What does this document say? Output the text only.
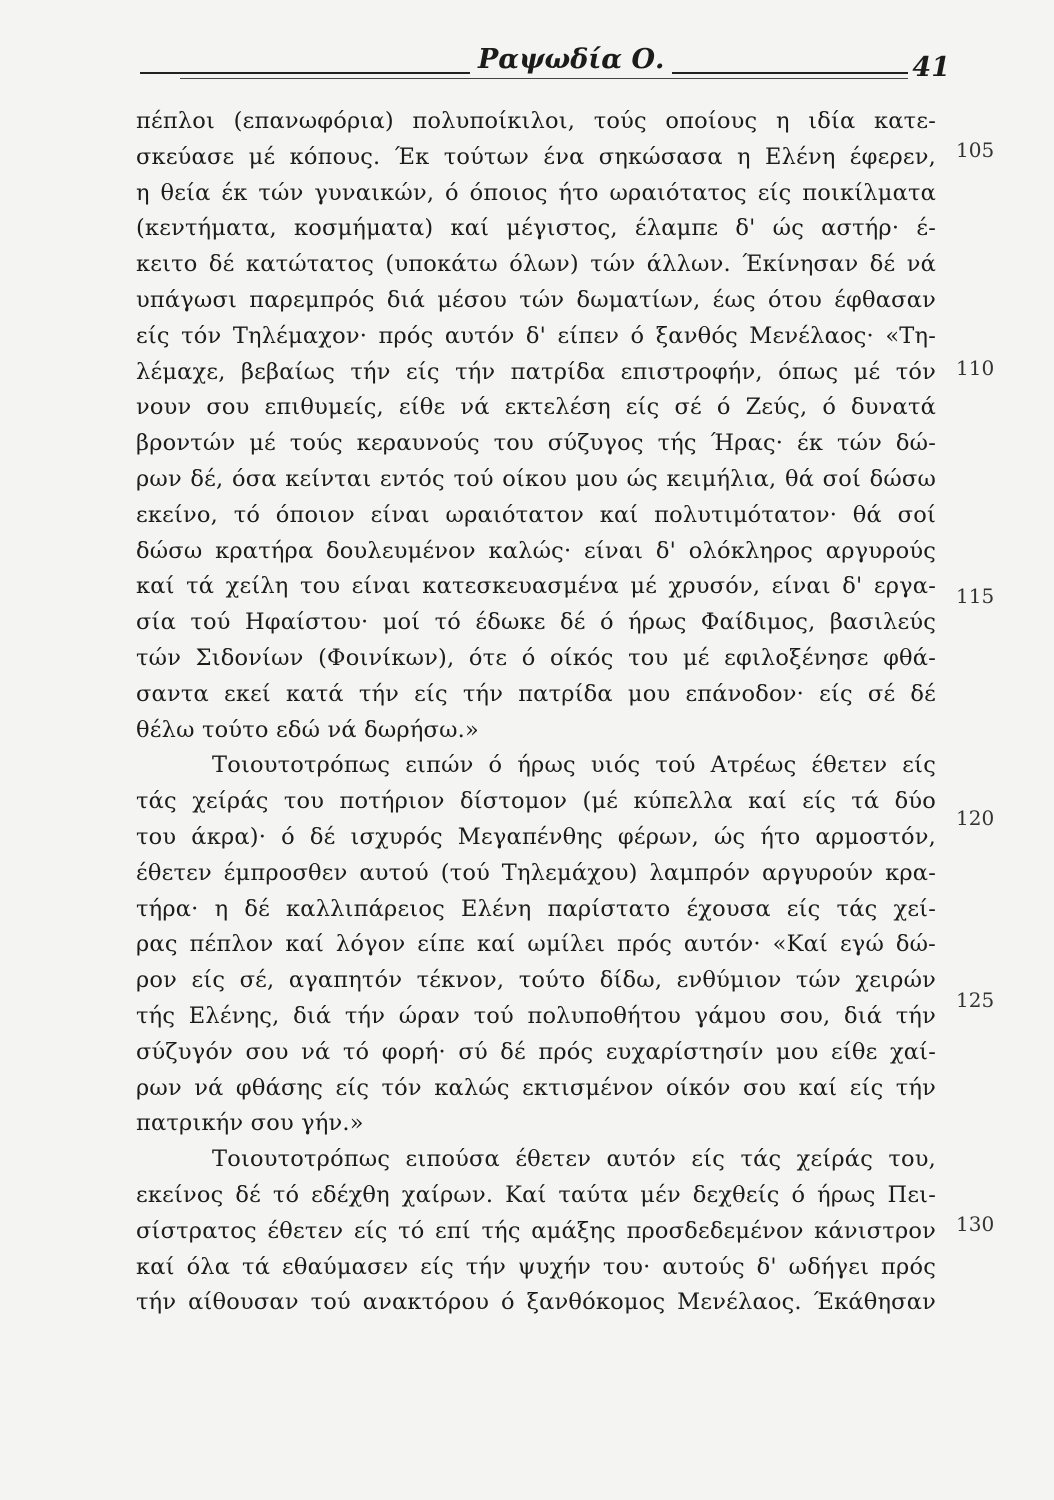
Ραψωδία Ο.	41
πέπλοι (επανωφόρια) πολυποίκιλοι, τούς οποίους η ιδία κατε-
σκεύασε μέ κόπους. Έκ τούτων ένα σηκώσασα η Ελένη έφερεν,
η θεία έκ τών γυναικών, ό όποιος ήτο ωραιότατος είς ποικίλματα
(κεντήματα, κοσμήματα) καί μέγιστος, έλαμπε δ' ώς αστήρ· έ-
κειτο δέ κατώτατος (υποκάτω όλων) τών άλλων. Έκίνησαν δέ νά
υπάγωσι παρεμπρός διά μέσου τών δωματίων, έως ότου έφθασαν
είς τόν Τηλέμαχον· πρός αυτόν δ' είπεν ό ξανθός Μενέλαος· «Τη-
λέμαχε, βεβαίως τήν είς τήν πατρίδα επιστροφήν, όπως μέ τόν
νουν σου επιθυμείς, είθε νά εκτελέση είς σέ ό Ζεύς, ό δυνατά
βροντών μέ τούς κεραυνούς του σύζυγος τής Ήρας· έκ τών δώ-
ρων δέ, όσα κείνται εντός τού οίκου μου ώς κειμήλια, θά σοί δώσω
εκείνο, τό όποιον είναι ωραιότατον καί πολυτιμότατον· θά σοί
δώσω κρατήρα δουλευμένον καλώς· είναι δ' ολόκληρος αργυρούς
καί τά χείλη του είναι κατεσκευασμένα μέ χρυσόν, είναι δ' εργα-
σία τού Ηφαίστου· μοί τό έδωκε δέ ό ήρως Φαίδιμος, βασιλεύς
τών Σιδονίων (Φοινίκων), ότε ό οίκός του μέ εφιλοξένησε φθά-
σαντα εκεί κατά τήν είς τήν πατρίδα μου επάνοδον· είς σέ δέ
θέλω τούτο εδώ νά δωρήσω.»
Τοιουτοτρόπως ειπών ό ήρως υιός τού Ατρέως έθετεν είς
τάς χείράς του ποτήριον δίστομον (μέ κύπελλα καί είς τά δύο
του άκρα)· ό δέ ισχυρός Μεγαπένθης φέρων, ώς ήτο αρμοστόν,
έθετεν έμπροσθεν αυτού (τού Τηλεμάχου) λαμπρόν αργυρούν κρα-
τήρα· η δέ καλλιπάρειος Ελένη παρίστατο έχουσα είς τάς χεί-
ρας πέπλον καί λόγον είπε καί ωμίλει πρός αυτόν· «Καί εγώ δώ-
ρον είς σέ, αγαπητόν τέκνον, τούτο δίδω, ενθύμιον τών χειρών
τής Ελένης, διά τήν ώραν τού πολυποθήτου γάμου σου, διά τήν
σύζυγόν σου νά τό φορή· σύ δέ πρός ευχαρίστησίν μου είθε χαί-
ρων νά φθάσης είς τόν καλώς εκτισμένον οίκόν σου καί είς τήν
πατρικήν σου γήν.»
Τοιουτοτρόπως ειπούσα έθετεν αυτόν είς τάς χείράς του,
εκείνος δέ τό εδέχθη χαίρων. Καί ταύτα μέν δεχθείς ό ήρως Πει-
σίστρατος έθετεν είς τό επί τής αμάξης προσδεδεμένον κάνιστρον
καί όλα τά εθαύμασεν είς τήν ψυχήν του· αυτούς δ' ωδήγει πρός
τήν αίθουσαν τού ανακτόρου ό ξανθόκομος Μενέλαος. Έκάθησαν
105
110
115
120
125
130
